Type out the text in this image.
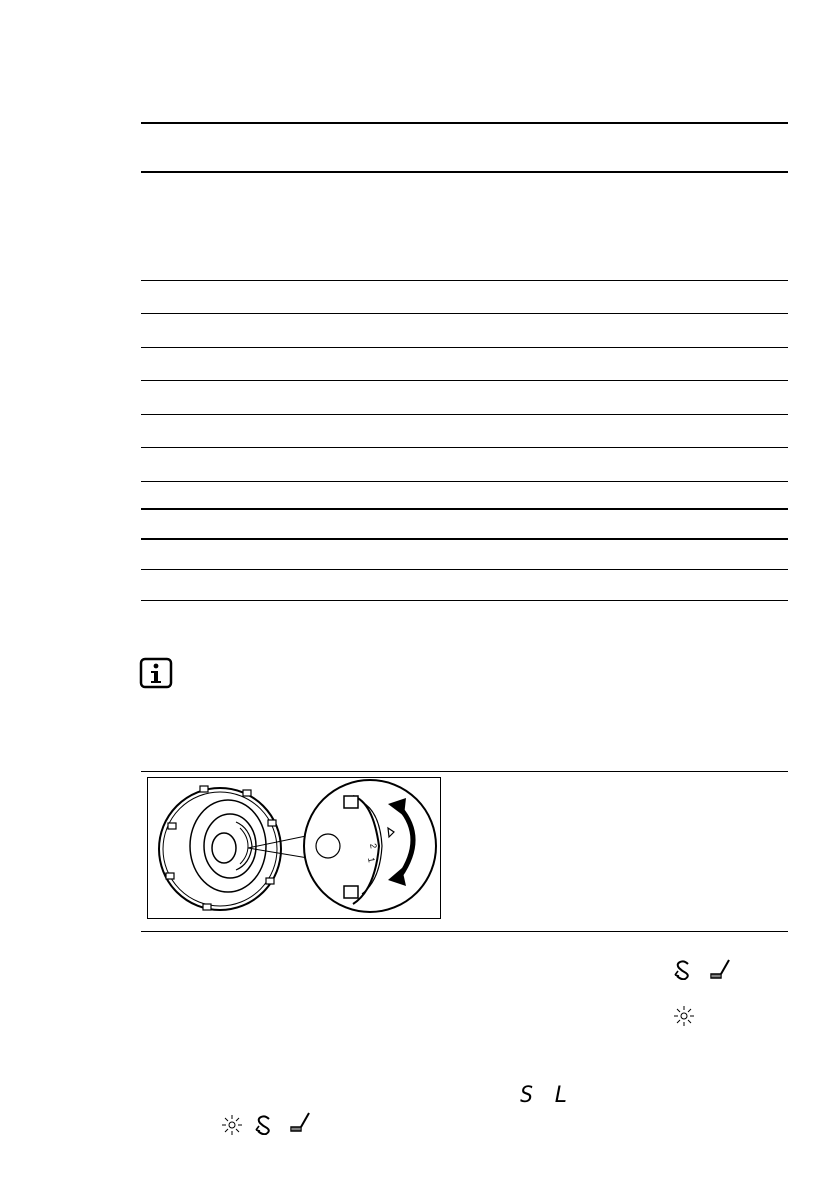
2
1
S L
